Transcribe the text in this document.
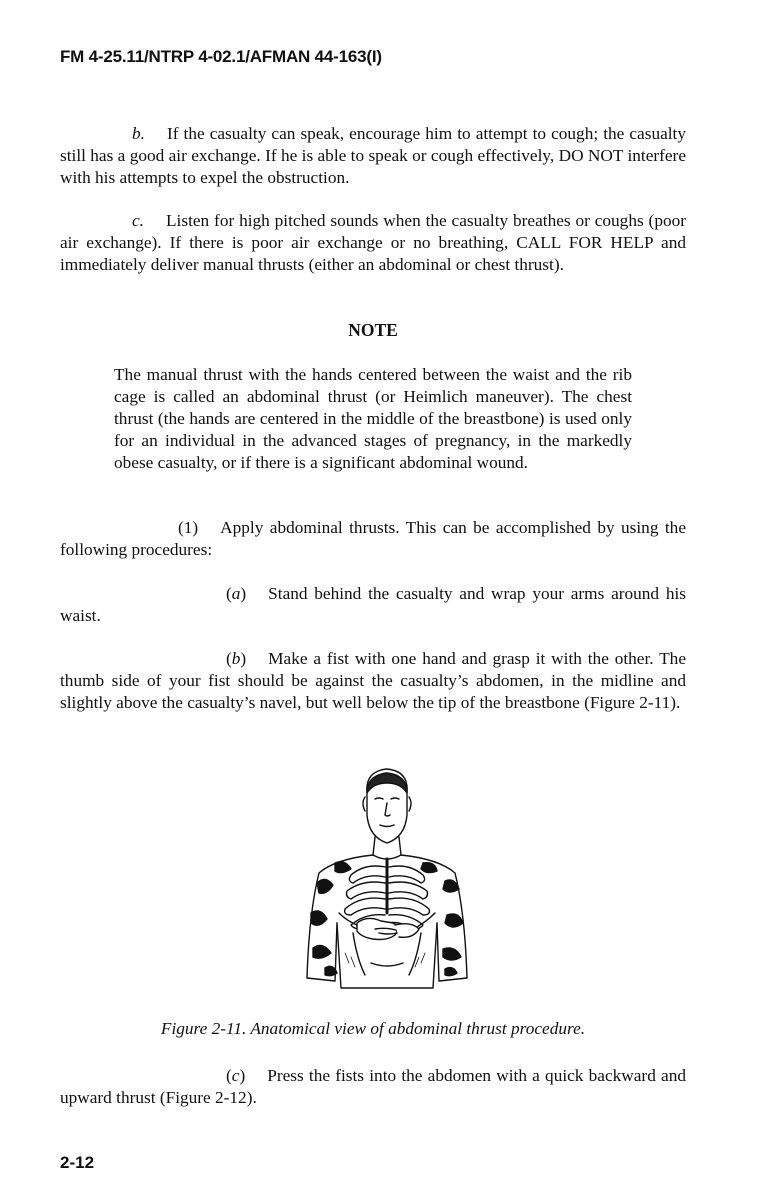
FM 4-25.11/NTRP 4-02.1/AFMAN 44-163(I)

b. If the casualty can speak, encourage him to attempt to cough; the casualty still has a good air exchange. If he is able to speak or cough effectively, DO NOT interfere with his attempts to expel the obstruction.

c. Listen for high pitched sounds when the casualty breathes or coughs (poor air exchange). If there is poor air exchange or no breathing, CALL FOR HELP and immediately deliver manual thrusts (either an abdominal or chest thrust).

NOTE

The manual thrust with the hands centered between the waist and the rib cage is called an abdominal thrust (or Heimlich maneuver). The chest thrust (the hands are centered in the middle of the breastbone) is used only for an individual in the advanced stages of pregnancy, in the markedly obese casualty, or if there is a significant abdominal wound.

(1) Apply abdominal thrusts. This can be accomplished by using the following procedures:

(a) Stand behind the casualty and wrap your arms around his waist.

(b) Make a fist with one hand and grasp it with the other. The thumb side of your fist should be against the casualty’s abdomen, in the midline and slightly above the casualty’s navel, but well below the tip of the breastbone (Figure 2-11).

Figure 2-11. Anatomical view of abdominal thrust procedure.

(c) Press the fists into the abdomen with a quick backward and upward thrust (Figure 2-12).

2-12
